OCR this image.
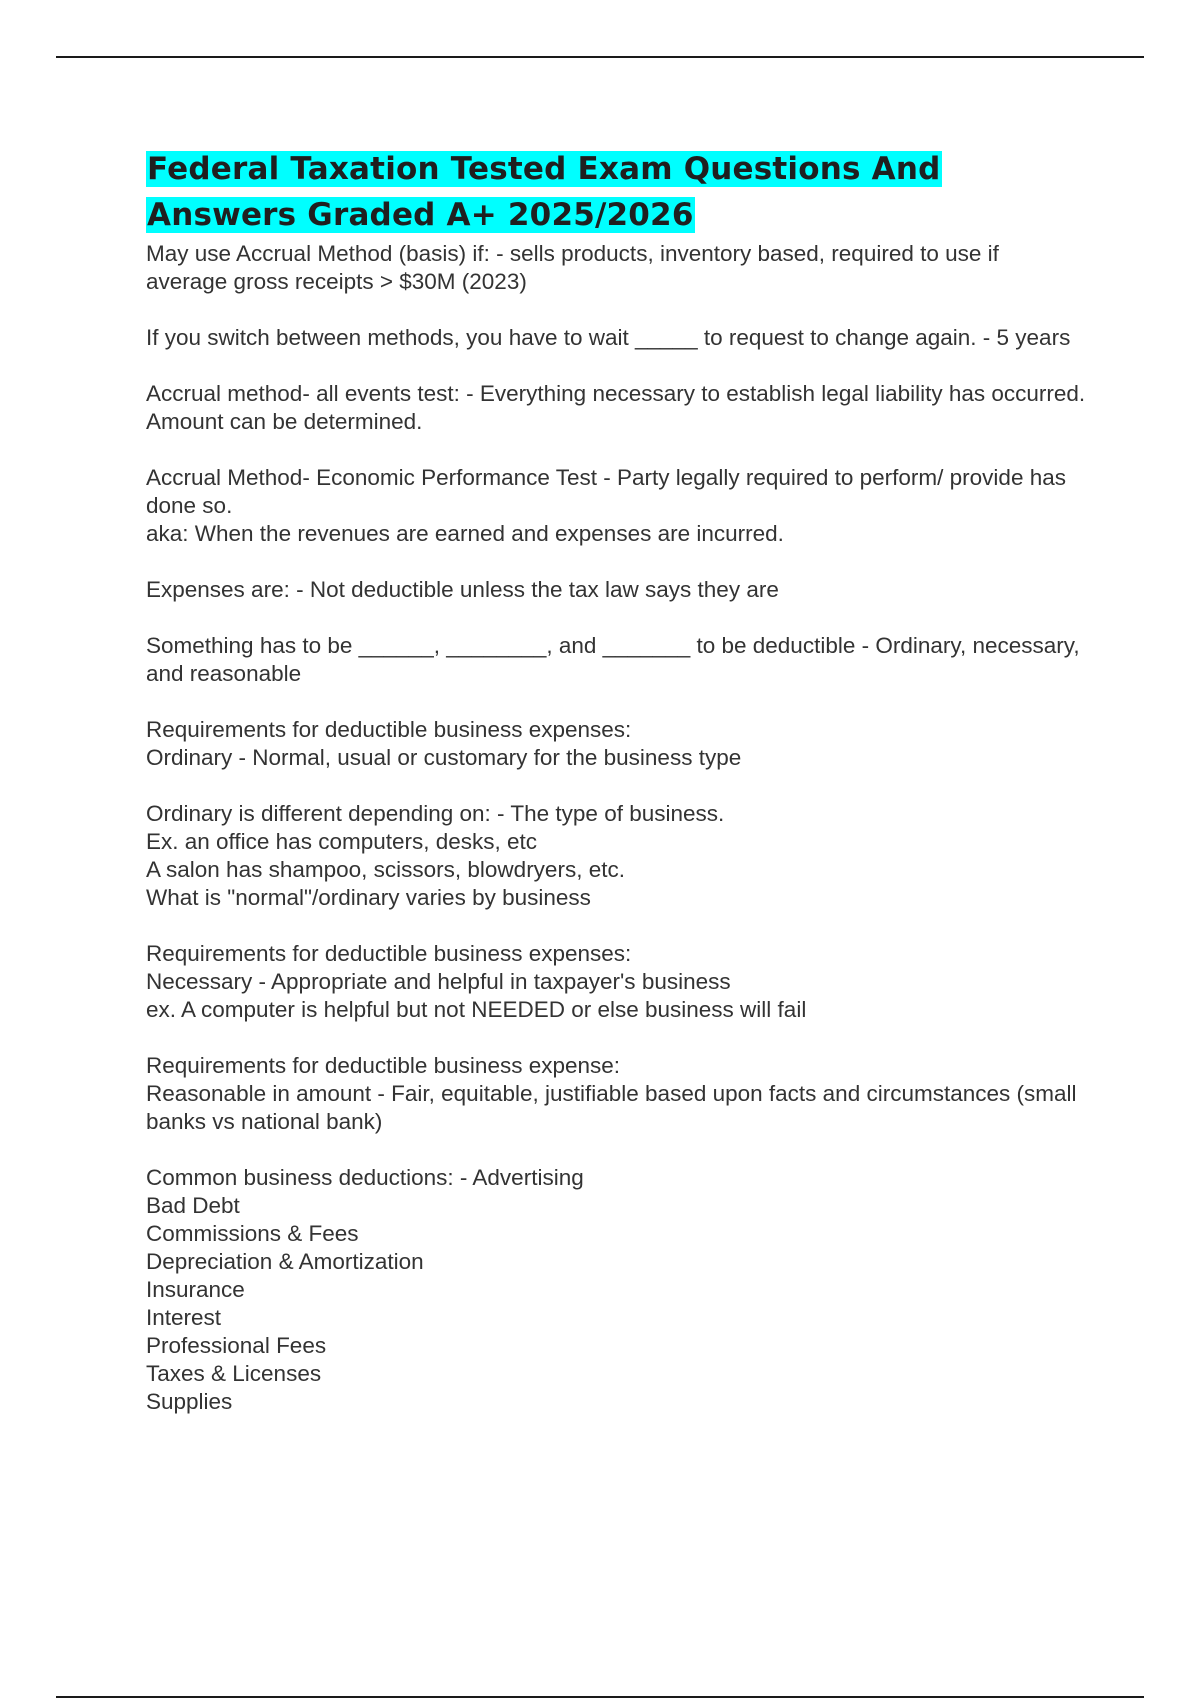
Federal Taxation Tested Exam Questions And
Answers Graded A+ 2025/2026
May use Accrual Method (basis) if: - sells products, inventory based, required to use if average gross receipts > $30M (2023)
If you switch between methods, you have to wait _____ to request to change again. - 5 years
Accrual method- all events test: - Everything necessary to establish legal liability has occurred. Amount can be determined.
Accrual Method- Economic Performance Test - Party legally required to perform/ provide has done so.
aka: When the revenues are earned and expenses are incurred.
Expenses are: - Not deductible unless the tax law says they are
Something has to be ______, ________, and _______ to be deductible - Ordinary, necessary, and reasonable
Requirements for deductible business expenses:
Ordinary - Normal, usual or customary for the business type
Ordinary is different depending on: - The type of business.
Ex. an office has computers, desks, etc
A salon has shampoo, scissors, blowdryers, etc.
What is "normal"/ordinary varies by business
Requirements for deductible business expenses:
Necessary - Appropriate and helpful in taxpayer's business
ex. A computer is helpful but not NEEDED or else business will fail
Requirements for deductible business expense:
Reasonable in amount - Fair, equitable, justifiable based upon facts and circumstances (small banks vs national bank)
Common business deductions: - Advertising
Bad Debt
Commissions & Fees
Depreciation & Amortization
Insurance
Interest
Professional Fees
Taxes & Licenses
Supplies
